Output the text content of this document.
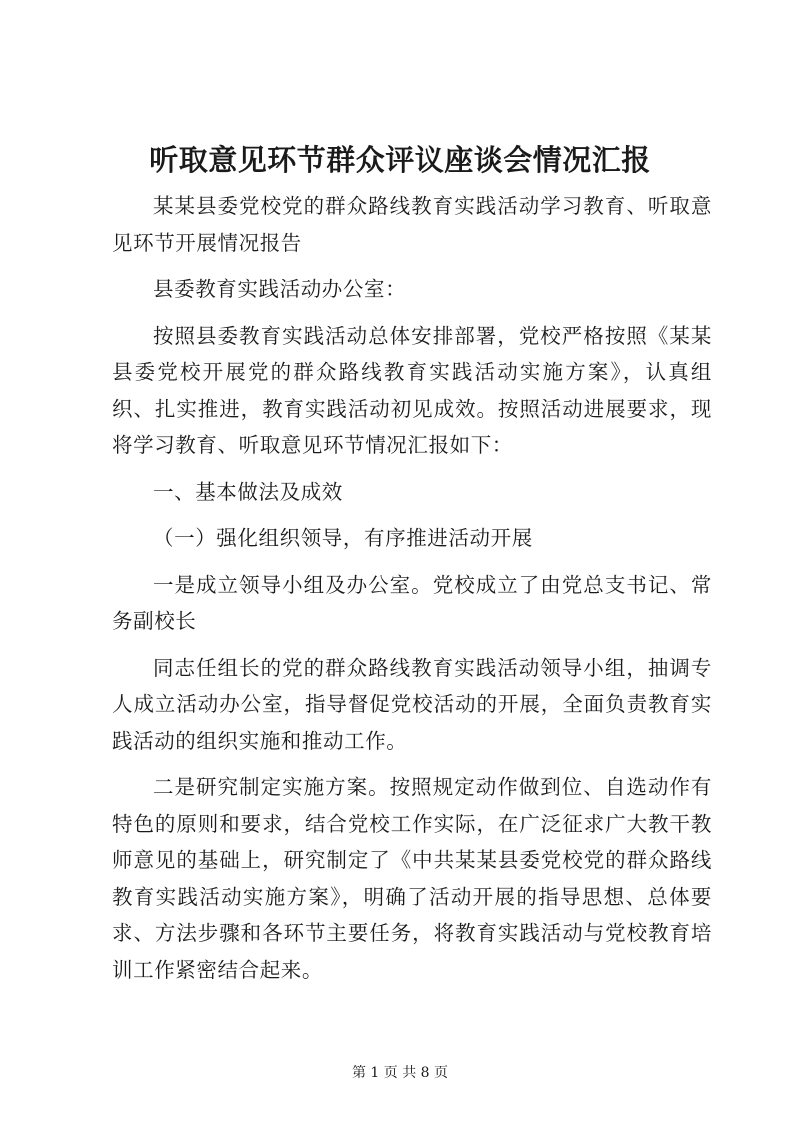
听取意见环节群众评议座谈会情况汇报

某某县委党校党的群众路线教育实践活动学习教育、听取意见环节开展情况报告

县委教育实践活动办公室：

按照县委教育实践活动总体安排部署，党校严格按照《某某县委党校开展党的群众路线教育实践活动实施方案》，认真组织、扎实推进，教育实践活动初见成效。按照活动进展要求，现将学习教育、听取意见环节情况汇报如下：

一、基本做法及成效

（一）强化组织领导，有序推进活动开展

一是成立领导小组及办公室。党校成立了由党总支书记、常务副校长

同志任组长的党的群众路线教育实践活动领导小组，抽调专人成立活动办公室，指导督促党校活动的开展，全面负责教育实践活动的组织实施和推动工作。

二是研究制定实施方案。按照规定动作做到位、自选动作有特色的原则和要求，结合党校工作实际，在广泛征求广大教干教师意见的基础上，研究制定了《中共某某县委党校党的群众路线教育实践活动实施方案》，明确了活动开展的指导思想、总体要求、方法步骤和各环节主要任务，将教育实践活动与党校教育培训工作紧密结合起来。

第 1 页 共 8 页
